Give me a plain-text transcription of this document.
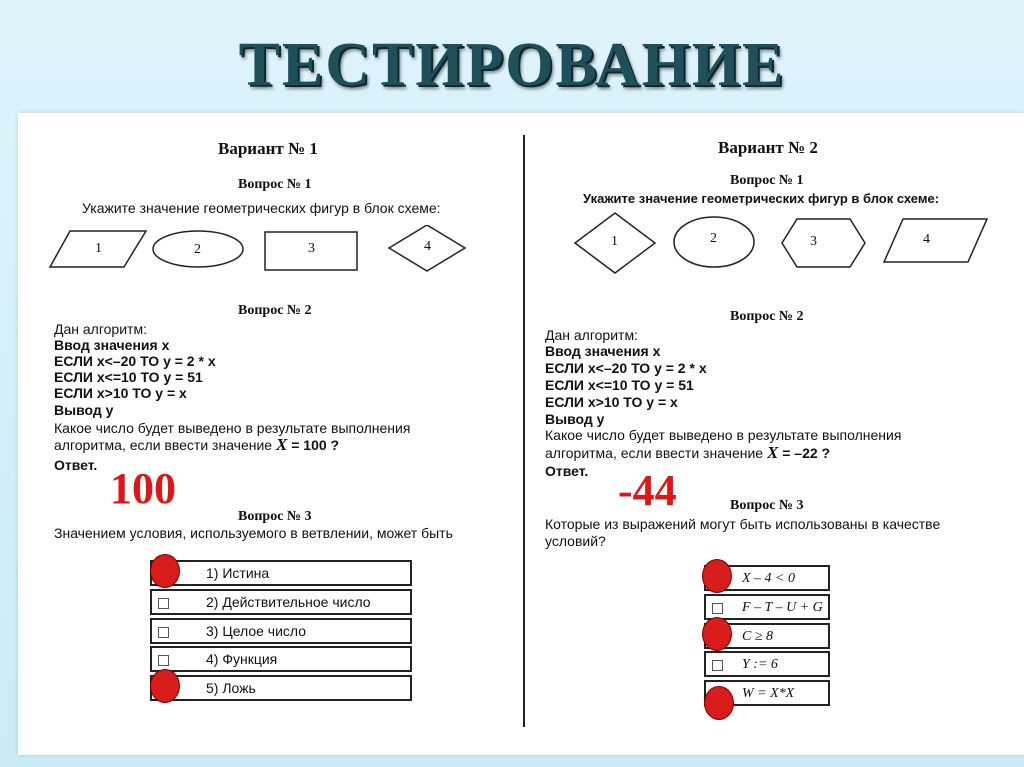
ТЕСТИРОВАНИЕ
Вариант № 1
Вопрос № 1
Укажите значение геометрических фигур в блок схеме:
1	2	3	4
Вопрос № 2
Дан алгоритм:
Ввод значения x
ЕСЛИ x<–20 ТО y = 2 * x
ЕСЛИ x<=10 ТО y = 51
ЕСЛИ x>10 ТО y = x
Вывод y
Какое число будет выведено в результате выполнения
алгоритма, если ввести значение X = 100 ?
Ответ. 100
Вопрос № 3
Значением условия, используемого в ветвлении, может быть
1) Истина
2) Действительное число
3) Целое число
4) Функция
5) Ложь
Вариант № 2
Вопрос № 1
Укажите значение геометрических фигур в блок схеме:
1	2	3	4
Вопрос № 2
Дан алгоритм:
Ввод значения x
ЕСЛИ x<–20 ТО y = 2 * x
ЕСЛИ x<=10 ТО y = 51
ЕСЛИ x>10 ТО y = x
Вывод y
Какое число будет выведено в результате выполнения
алгоритма, если ввести значение X = –22 ?
Ответ. -44	Вопрос № 3
Которые из выражений могут быть использованы в качестве
условий?
X – 4 < 0
F – T – U + G
C ≥ 8
Y := 6
W = X*X
